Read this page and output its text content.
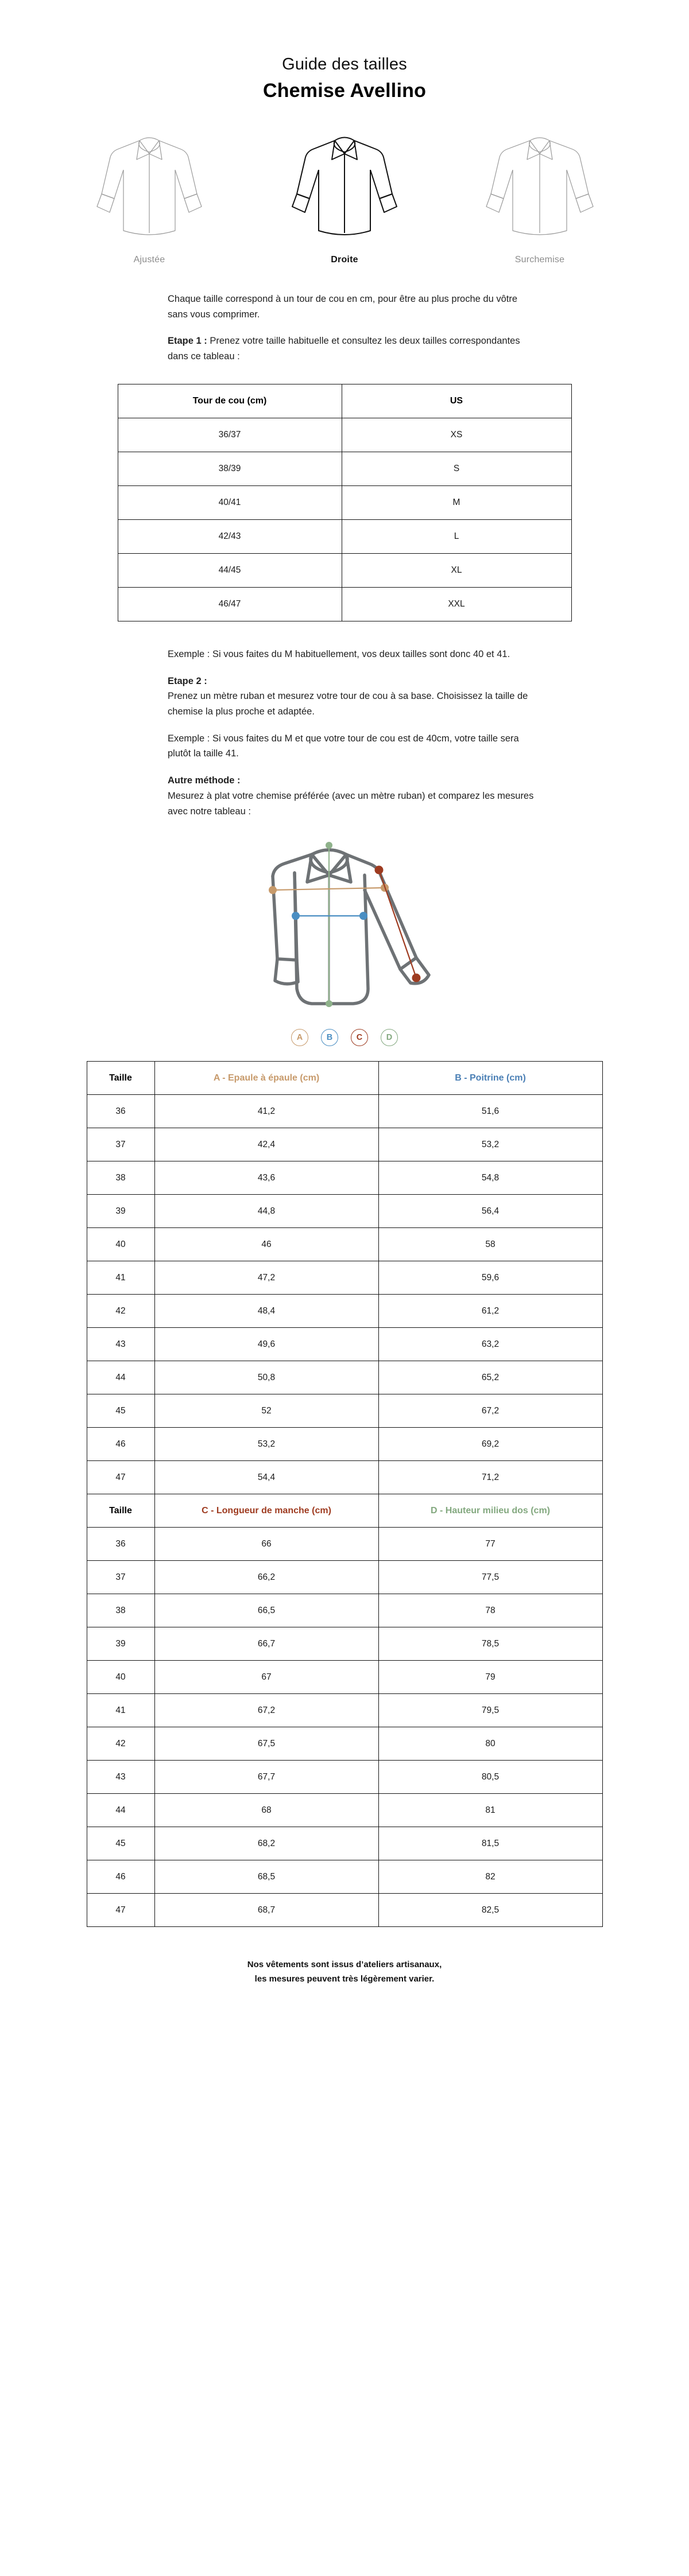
Guide des tailles
Chemise Avellino
Ajustée	Droite	Surchemise

Chaque taille correspond à un tour de cou en cm, pour être au plus proche du vôtre sans vous comprimer.

Etape 1 : Prenez votre taille habituelle et consultez les deux tailles correspondantes dans ce tableau :

Tour de cou (cm)	US
36/37	XS
38/39	S
40/41	M
42/43	L
44/45	XL
46/47	XXL

Exemple : Si vous faites du M habituellement, vos deux tailles sont donc 40 et 41.

Etape 2 :
Prenez un mètre ruban et mesurez votre tour de cou à sa base. Choisissez la taille de chemise la plus proche et adaptée.

Exemple : Si vous faites du M et que votre tour de cou est de 40cm, votre taille sera plutôt la taille 41.

Autre méthode :
Mesurez à plat votre chemise préférée (avec un mètre ruban) et comparez les mesures avec notre tableau :

A	B	C	D
Taille	A - Epaule à épaule (cm)	B - Poitrine (cm)
36	41,2	51,6
37	42,4	53,2
38	43,6	54,8
39	44,8	56,4
40	46	58
41	47,2	59,6
42	48,4	61,2
43	49,6	63,2
44	50,8	65,2
45	52	67,2
46	53,2	69,2
47	54,4	71,2
Taille	C - Longueur de manche (cm)	D - Hauteur milieu dos (cm)
36	66	77
37	66,2	77,5
38	66,5	78
39	66,7	78,5
40	67	79
41	67,2	79,5
42	67,5	80
43	67,7	80,5
44	68	81
45	68,2	81,5
46	68,5	82
47	68,7	82,5
Nos vêtements sont issus d’ateliers artisanaux,
les mesures peuvent très légèrement varier.
